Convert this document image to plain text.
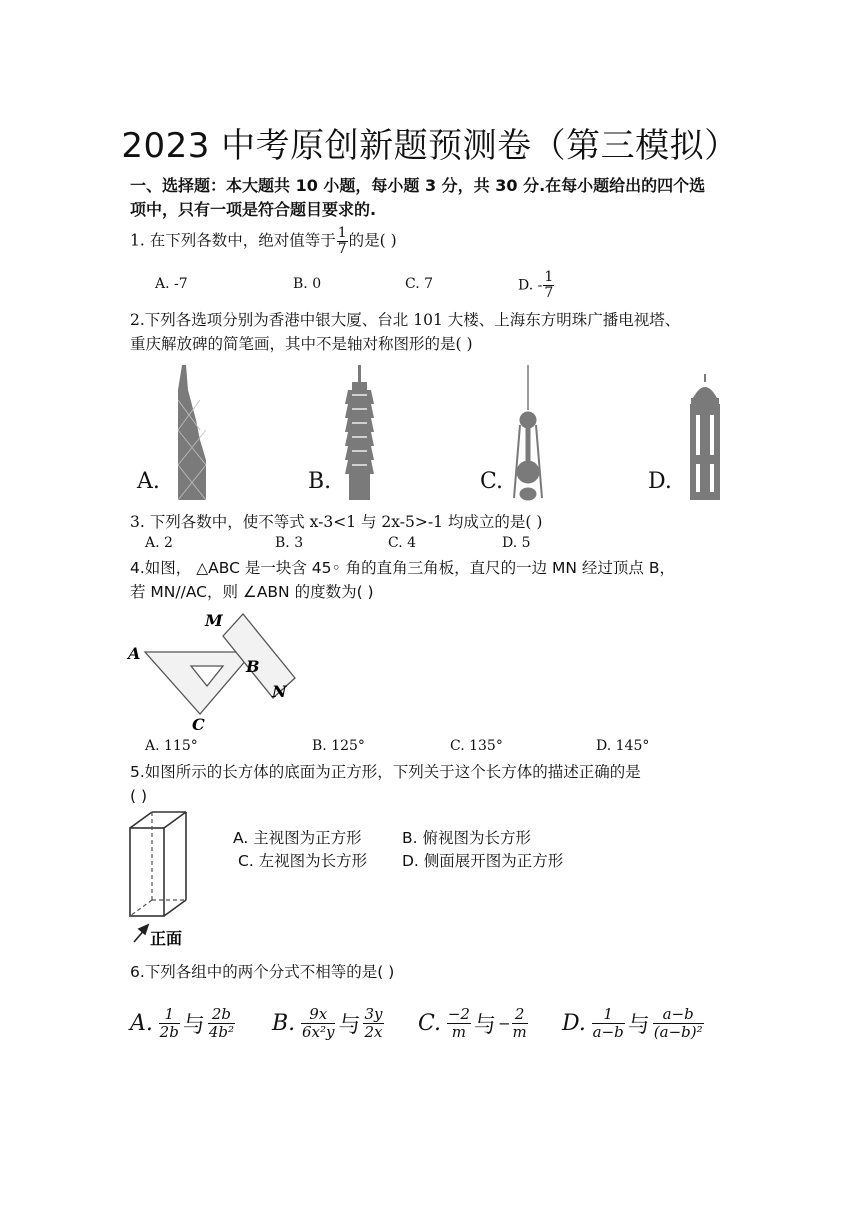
2023 中考原创新题预测卷（第三模拟）
一、选择题：本大题共 10 小题，每小题 3 分，共 30 分.在每小题给出的四个选
项中，只有一项是符合题目要求的.
1. 在下列各数中，绝对值等于 $\frac{1}{7}$ 的是( )
A. -7	B. 0	C. 7	D. - $\frac{1}{7}$
2.下列各选项分别为香港中银大厦、台北 101 大楼、上海东方明珠广播电视塔、
重庆解放碑的简笔画，其中不是轴对称图形的是( )
A.	B.	C.	D.
3. 下列各数中，使不等式 x-3<1 与 2x-5>-1 均成立的是( )
A. 2	B. 3	C. 4	D. 5
4.如图， △ABC 是一块含 45◦ 角的直角三角板，直尺的一边 MN 经过顶点 B，
若 MN//AC，则 ∠ABN 的度数为( )
M
A
B
N
C
A. 115°	B. 125°	C. 135°	D. 145°
5.如图所示的长方体的底面为正方形，下列关于这个长方体的描述正确的是
( )
正面
A. 主视图为正方形	B. 俯视图为长方形
C. 左视图为长方形 D. 侧面展开图为正方形
6.下列各组中的两个分式不相等的是( )
A. $\frac{1}{2b}$ 与 $\frac{2b}{\text{4b²}} B$. $\frac{9x}{\text{6x²y}}$ 与 $\frac{3y}{2x} C$. $\frac{-2}{m}$ 与 − $\frac{2}{m} D$. $\frac{1}{a-b}$ 与 $\frac{a-b}{\text{(a−b)²}}$
